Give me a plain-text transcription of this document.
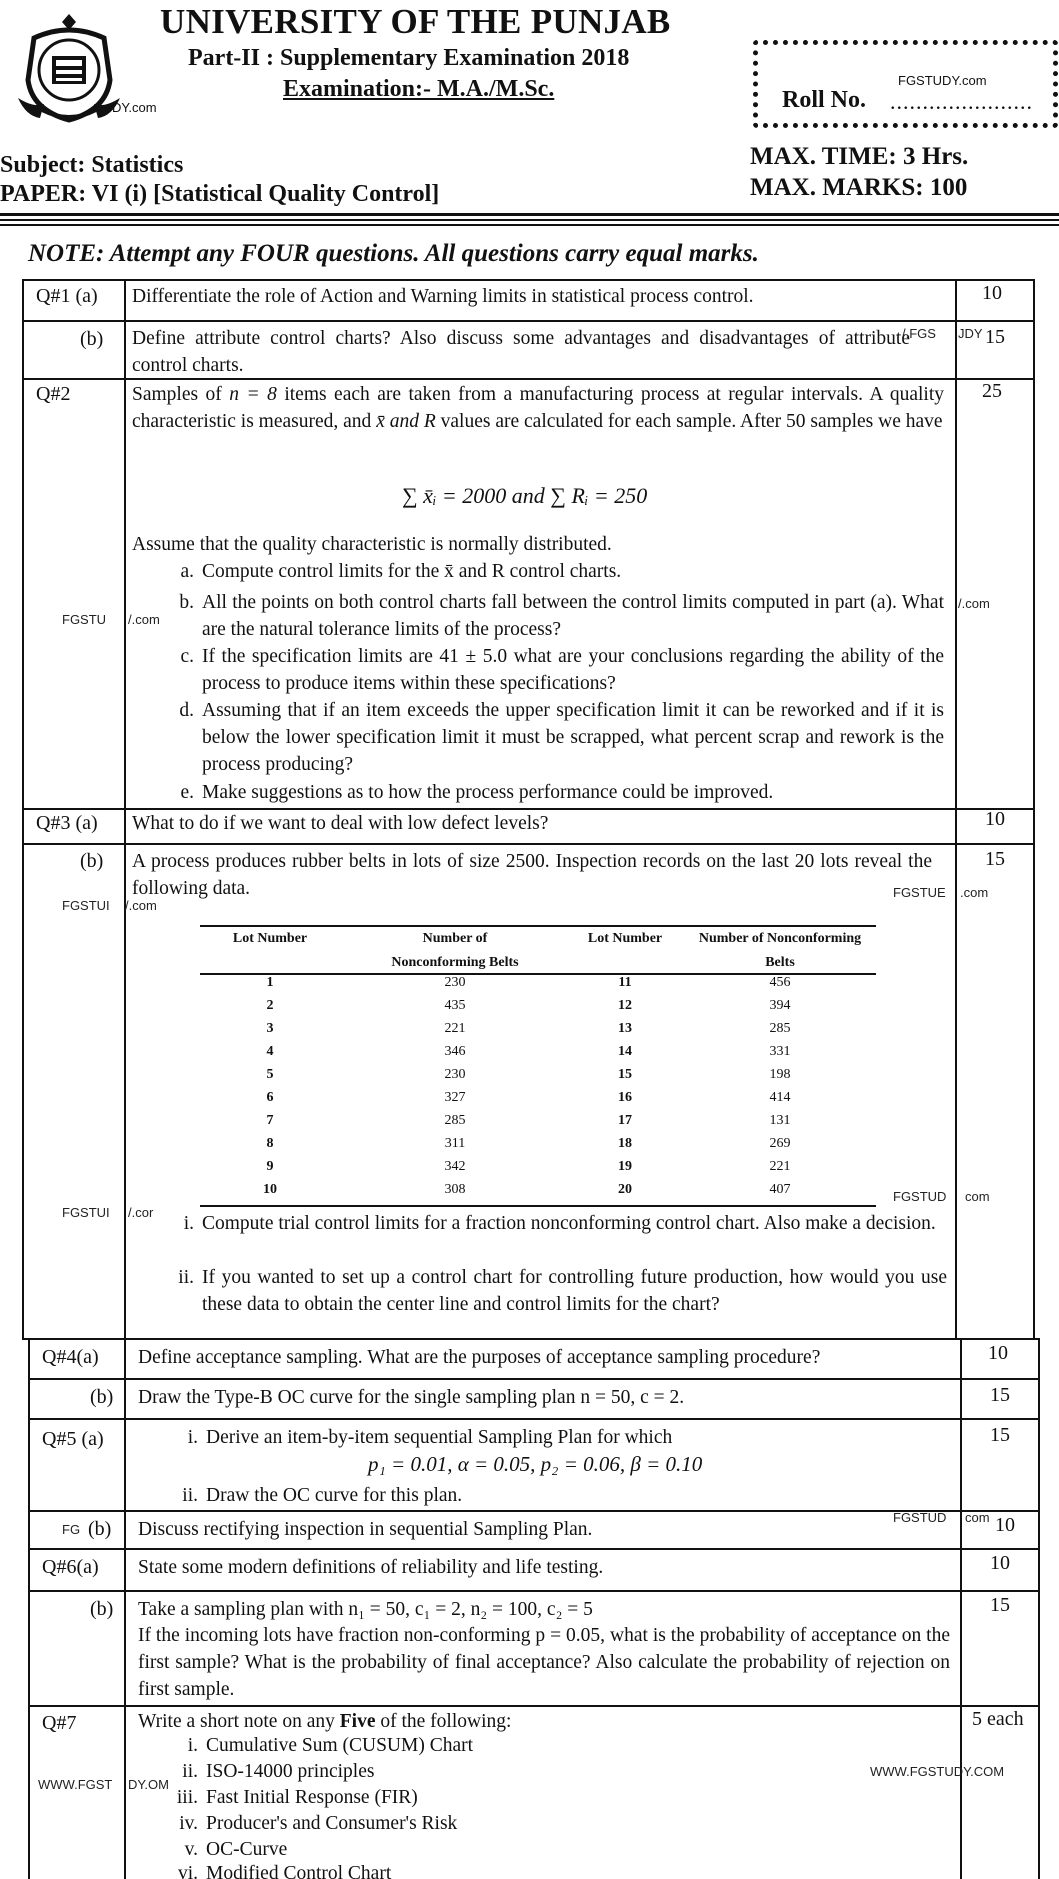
DY.com
UNIVERSITY OF THE PUNJAB
Part-II : Supplementary Examination 2018
Examination:- M.A./M.Sc.	Roll No.
FGSTUDY.com
......................
Subject: Statistics
PAPER: VI (i) [Statistical Quality Control]
MAX. TIME: 3 Hrs.
MAX. MARKS: 100
NOTE: Attempt any FOUR questions. All questions carry equal marks.
Q#1 (a) Differentiate the role of Action and Warning limits in statistical process control.	10
(b) Define attribute control charts? Also discuss some advantages and disadvantages of attribute control charts.
15
/.FGS JDY
Q#2	25
Samples of n = 8 items each are taken from a manufacturing process at regular intervals. A quality characteristic is measured, and x̄ and R values are calculated for each sample. After 50 samples we have
∑ x̄ᵢ = 2000 and ∑ Rᵢ = 250
Assume that the quality characteristic is normally distributed.
a. Compute control limits for the x̄ and R control charts.
b. All the points on both control charts fall between the control limits computed in part (a). What are the natural tolerance limits of the process?
c. If the specification limits are 41 ± 5.0 what are your conclusions regarding the ability of the process to produce items within these specifications?
d. Assuming that if an item exceeds the upper specification limit it can be reworked and if it is below the lower specification limit it must be scrapped, what percent scrap and rework is the process producing?
e. Make suggestions as to how the process performance could be improved.
FGSTU /.com
/.com
Q#3 (a) What to do if we want to deal with low defect levels?	10
(b) A process produces rubber belts in lots of size 2500. Inspection records on the last 20 lots reveal the following data.
15
FGSTUI /.com
FGSTUE .com
Lot Number	Number of Nonconforming Belts
Lot Number	Number of Nonconforming Belts
1	230	11	456
2	435	12	394
3	221	13	285
4	346	14	331
5	230	15	198
6	327	16	414
7	285	17	131
8	311	18	269
9	342	19	221
10	308	20	407
FGSTUI /.cor
FGSTUD com
i. Compute trial control limits for a fraction nonconforming control chart. Also make a decision.
ii. If you wanted to set up a control chart for controlling future production, how would you use these data to obtain the center line and control limits for the chart?
Q#4(a) Define acceptance sampling. What are the purposes of acceptance sampling procedure?	10
(b) Draw the Type-B OC curve for the single sampling plan n = 50, c = 2.	15
Q#5 (a)	15
i. Derive an item-by-item sequential Sampling Plan for which
p₁ = 0.01, α = 0.05, p₂ = 0.06, β = 0.10
ii. Draw the OC curve for this plan.
(b)
FG	Discuss rectifying inspection in sequential Sampling Plan.	10
FGSTUD com
Q#6(a) State some modern definitions of reliability and life testing.	10
(b)	15
Take a sampling plan with n₁ = 50, c₁ = 2, n₂ = 100, c₂ = 5
If the incoming lots have fraction non-conforming p = 0.05, what is the probability of acceptance on the first sample? What is the probability of final acceptance? Also calculate the probability of rejection on first sample.
Q#7	5 each
Write a short note on any Five of the following:
i. Cumulative Sum (CUSUM) Chart
ii. ISO-14000 principles
iii. Fast Initial Response (FIR)
iv. Producer's and Consumer's Risk
v. OC-Curve
vi. Modified Control Chart
WWW.FGST DY.OM
WWW.FGSTUDY.COM
